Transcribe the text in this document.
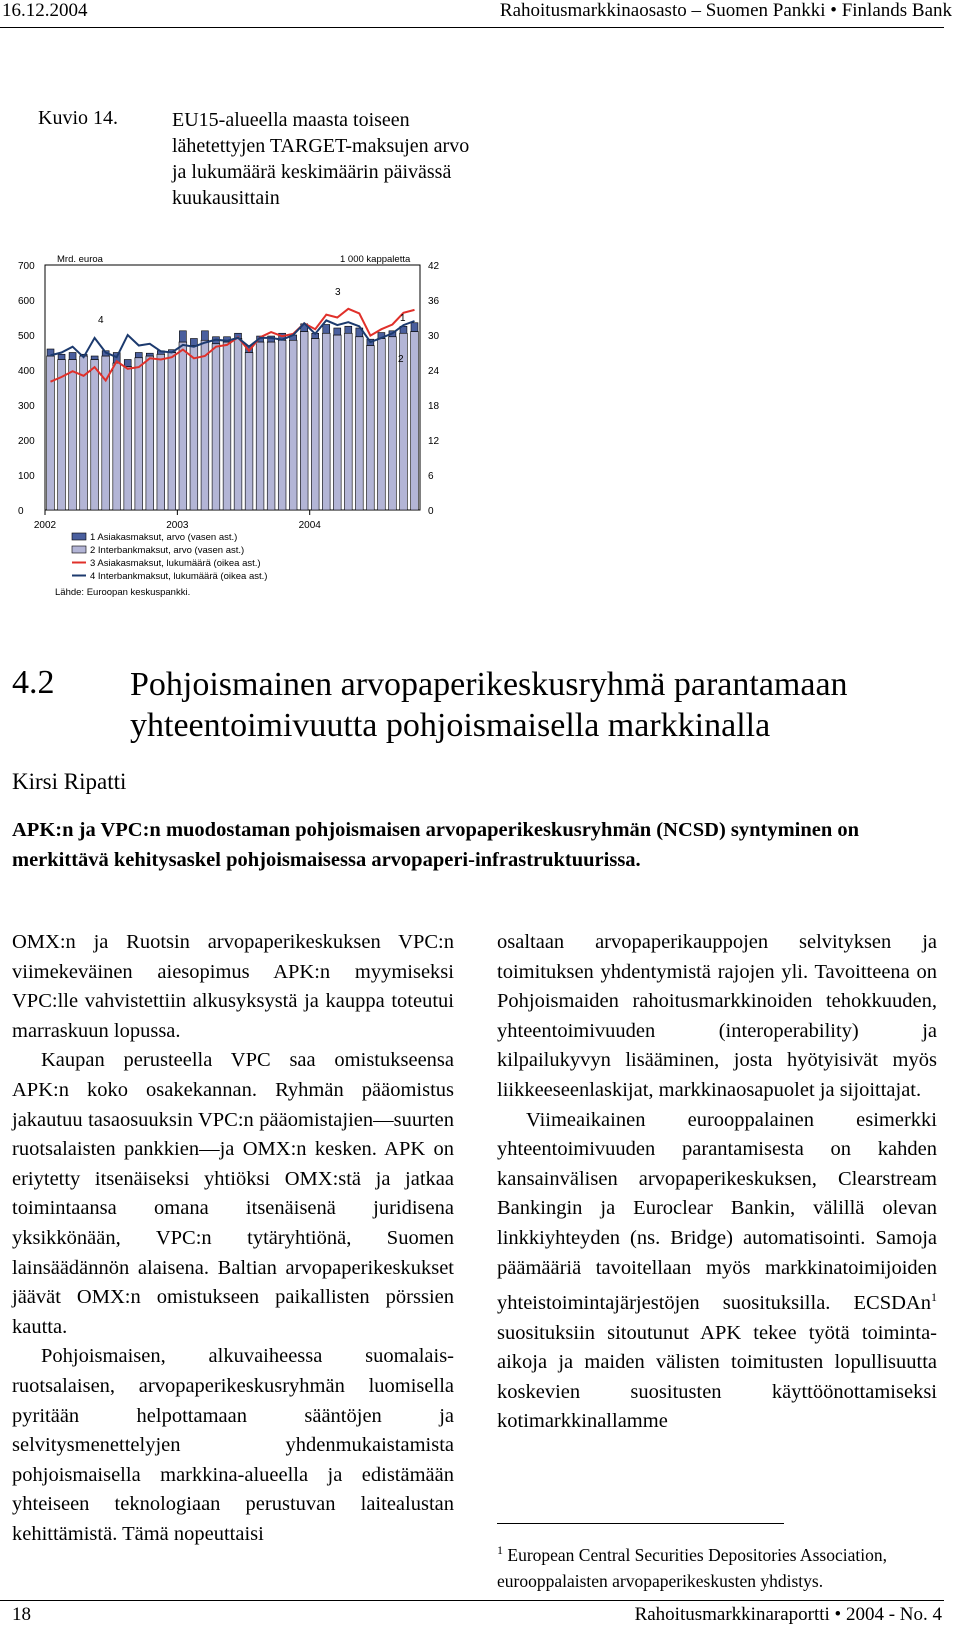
16.12.2004	Rahoitusmarkkinaosasto – Suomen Pankki • Finlands Bank
Kuvio 14.	EU15-alueella maasta toiseen lähetettyjen TARGET-maksujen arvo ja lukumäärä keskimäärin päivässä kuukausittain
0
100
200
300
400
500
600
700
0
6
12
18
24
30
36
42
Mrd. euroa	1 000 kappaletta
2002	2003	2004
1
2
3
4
1 Asiakasmaksut, arvo (vasen ast.)
2 Interbankmaksut, arvo (vasen ast.)
3 Asiakasmaksut, lukumäärä (oikea ast.)
4 Interbankmaksut, lukumäärä (oikea ast.)
Lähde: Euroopan keskuspankki.
4.2 Pohjoismainen arvopaperikeskusryhmä parantamaan yhteentoimivuutta pohjoismaisella markkinalla
Kirsi Ripatti
APK:n ja VPC:n muodostaman pohjoismaisen arvopaperikeskusryhmän (NCSD) syntyminen on merkittävä kehitysaskel pohjoismaisessa arvopaperi-infrastruktuurissa.

OMX:n ja Ruotsin arvopaperikeskuksen VPC:n viimekeväinen aiesopimus APK:n myymiseksi VPC:lle vahvistettiin alkusyksystä ja kauppa toteutui marraskuun lopussa.

Kaupan perusteella VPC saa omistukseensa APK:n koko osakekannan. Ryhmän pääomistus jakautuu tasaosuuksin VPC:n pääomistajien—suurten ruotsalaisten pankkien—ja OMX:n kesken. APK on eriytetty itsenäiseksi yhtiöksi OMX:stä ja jatkaa toimintaansa omana itsenäisenä juridisena yksikkönään, VPC:n tytäryhtiönä, Suomen lainsäädännön alaisena. Baltian arvopaperikeskukset jäävät OMX:n omistukseen paikallisten pörssien kautta.

Pohjoismaisen, alkuvaiheessa suomalais-ruotsalaisen, arvopaperikeskusryhmän luomisella pyritään helpottamaan sääntöjen ja selvitysmenettelyjen yhdenmukaistamista pohjoismaisella markkina-alueella ja edistämään yhteiseen teknologiaan perustuvan laitealustan kehittämistä. Tämä nopeuttaisi

osaltaan arvopaperikauppojen selvityksen ja toimituksen yhdentymistä rajojen yli. Tavoitteena on Pohjoismaiden rahoitusmarkkinoiden tehokkuuden, yhteentoimivuuden (interoperability) ja kilpailukyvyn lisääminen, josta hyötyisivät myös liikkeeseenlaskijat, markkinaosapuolet ja sijoittajat.

Viimeaikainen eurooppalainen esimerkki yhteentoimivuuden parantamisesta on kahden kansainvälisen arvopaperikeskuksen, Clearstream Bankingin ja Euroclear Bankin, välillä olevan linkkiyhteyden (ns. Bridge) automatisointi. Samoja päämääriä tavoitellaan myös markkinatoimijoiden yhteistoimintajärjestöjen suosituksilla. ECSDAn$^1$ suosituksiin sitoutunut APK tekee työtä toiminta-aikoja ja maiden välisten toimitusten lopullisuutta koskevien suositusten käyttöönottamiseksi kotimarkkinallamme

$^1$ European Central Securities Depositories Association, eurooppalaisten arvopaperikeskusten yhdistys.
18	Rahoitusmarkkinaraportti • 2004 - No. 4
